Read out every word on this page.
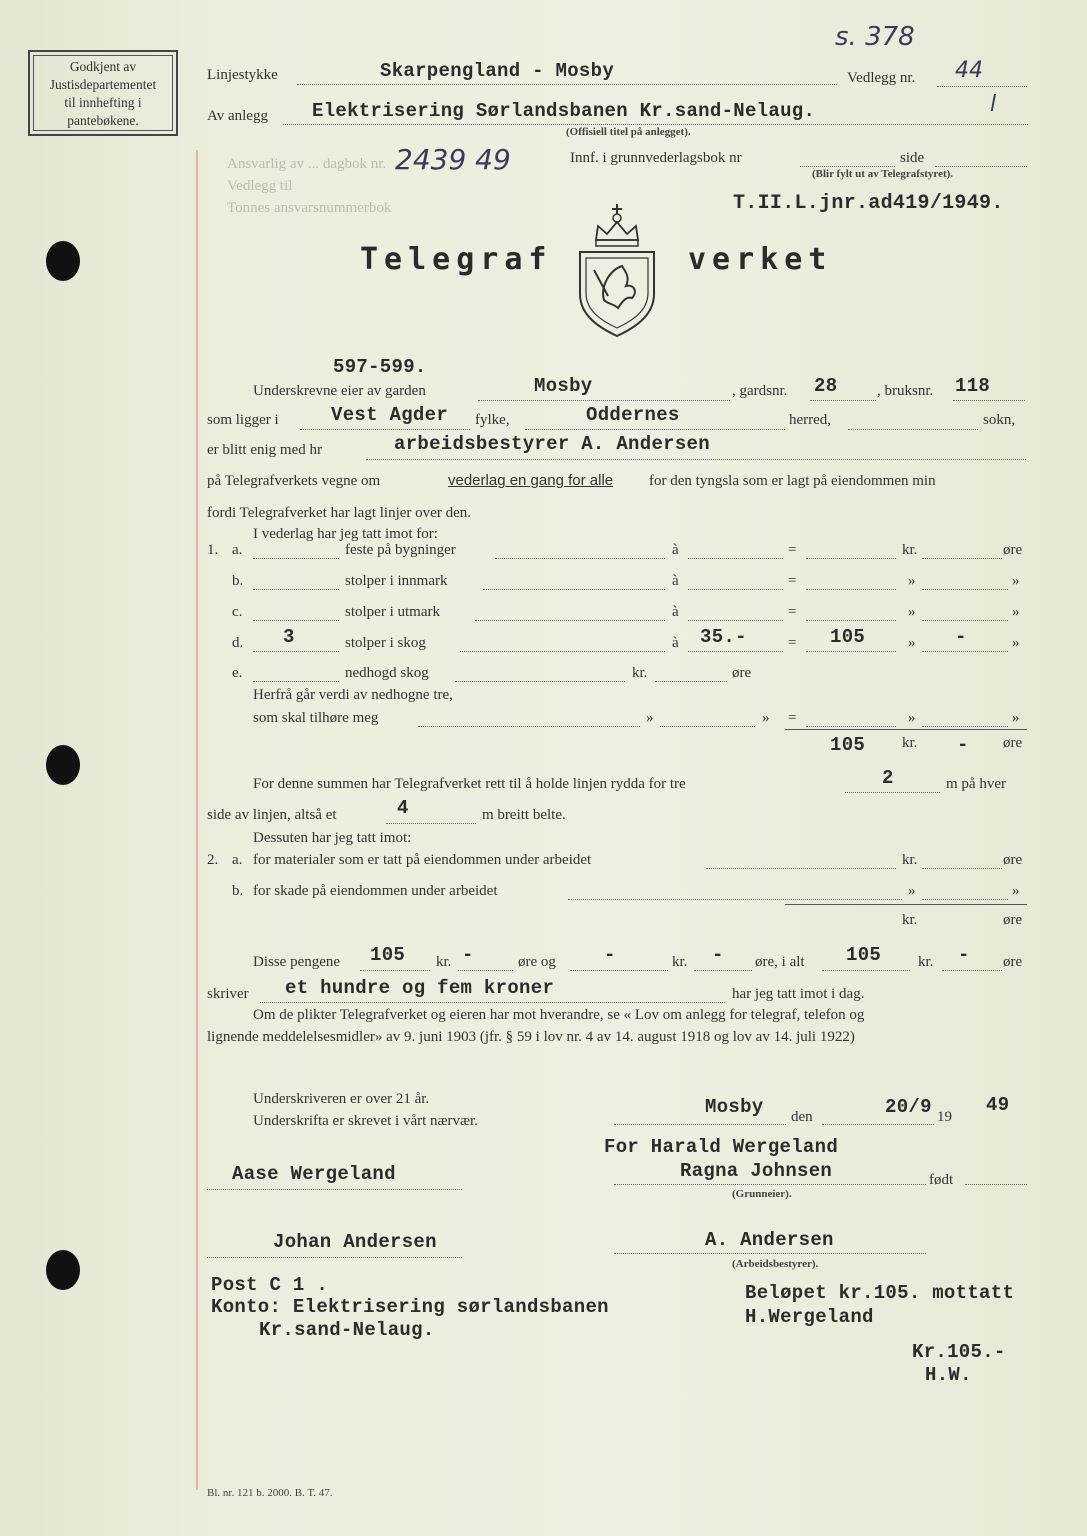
Godkjent av
Justisdepartementet
til innhefting i
pantebøkene.
s. 378
Linjestykke	Skarpengland - Mosby	Vedlegg nr. 44
Av anlegg Elektrisering Sørlandsbanen Kr.sand-Nelaug.	l
(Offisiell titel på anlegget).
Ansvarlig av ... dagbok nr.
Vedlegg til
Tonnes ansvarsnummerbok
2439 49	Innf. i grunnvederlagsbok nr	side
(Blir fylt ut av Telegrafstyret).
T.II.L.jnr.ad419/1949.
Telegraf	verket
597-599.
Underskrevne eier av garden	Mosby	, gardsnr. 28	, bruksnr. 118
som ligger i	Vest Agder fylke,	Oddernes	herred,	sokn,
er blitt enig med hr	arbeidsbestyrer A. Andersen
på Telegrafverkets vegne om	vederlag en gang for alle for den tyngsla som er lagt på eiendommen min
fordi Telegrafverket har lagt linjer over den.
I vederlag har jeg tatt imot for:
1. a.	feste på bygninger	à	=	kr.	øre
b.	stolper i innmark	à	=	»	»
c.	stolper i utmark	à	=	»	»
d. 3	stolper i skog	à 35.-	= 105	» -	»
e.	nedhogd skog	kr.	øre
Herfrå går verdi av nedhogne tre,
som skal tilhøre meg	»	» =	»	»
105 kr. - øre
For denne summen har Telegrafverket rett til å holde linjen rydda for tre	2	m på hver
side av linjen, altså et	4	m breitt belte.
Dessuten har jeg tatt imot:
2. a. for materialer som er tatt på eiendommen under arbeidet	kr.	øre
b. for skade på eiendommen under arbeidet	»	»
kr.	øre
Disse pengene 105 kr. -	øre og	-	kr. - øre, i alt 105 kr. - øre
skriver et hundre og fem kroner	har jeg tatt imot i dag.
Om de plikter Telegrafverket og eieren har mot hverandre, se « Lov om anlegg for telegraf, telefon og
lignende meddelelsesmidler» av 9. juni 1903 (jfr. § 59 i lov nr. 4 av 14. august 1918 og lov av 14. juli 1922)
Underskriveren er over 21 år.
Underskrifta er skrevet i vårt nærvær.
Mosby den	20/9 19
49
For Harald Wergeland
Ragna Johnsen	født
(Grunneier).
Aase Wergeland
Johan Andersen	A. Andersen
(Arbeidsbestyrer).
Post C 1 .
Konto: Elektrisering sørlandsbanen
Kr.sand-Nelaug.
Beløpet kr.105. mottatt
H.Wergeland
Kr.105.-
H.W.
Bl. nr. 121 b. 2000. B. T. 47.
